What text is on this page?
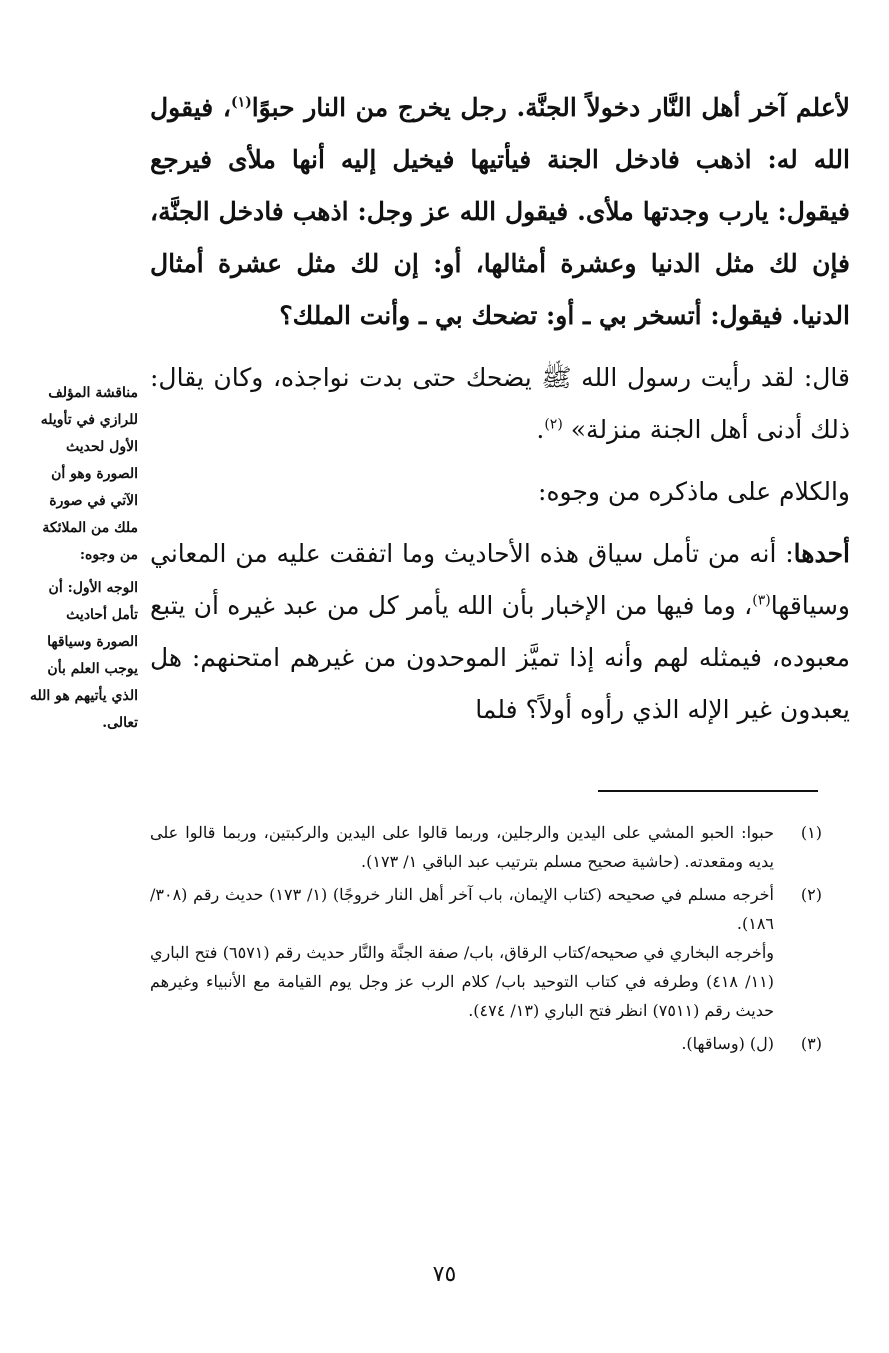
لأعلم آخر أهل النَّار دخولاً الجنَّة. رجل يخرج من النار حبوًا$^{(١)}$، فيقول الله له: اذهب فادخل الجنة فيأتيها فيخيل إليه أنها ملأى فيرجع فيقول: يارب وجدتها ملأى. فيقول الله عز وجل: اذهب فادخل الجنَّة، فإن لك مثل الدنيا وعشرة أمثالها، أو: إن لك مثل عشرة أمثال الدنيا. فيقول: أتسخر بي ـ أو: تضحك بي ـ وأنت الملك؟

قال: لقد رأيت رسول الله ﷺ يضحك حتى بدت نواجذه، وكان يقال: ذلك أدنى أهل الجنة منزلة» $^{(٢)}$.

والكلام على ماذكره من وجوه:

أحدها: أنه من تأمل سياق هذه الأحاديث وما اتفقت عليه من المعاني وسياقها$^{(٣)}$، وما فيها من الإخبار بأن الله يأمر كل من عبد غيره أن يتبع معبوده، فيمثله لهم وأنه إذا تميَّز الموحدون من غيرهم امتحنهم: هل يعبدون غير الإله الذي رأوه أولاً؟ فلما

مناقشة المؤلف للرازي في تأويله الأول لحديث الصورة وهو أن الآتي في صورة ملك من الملائكة من وجوه:

الوجه الأول: أن تأمل أحاديث الصورة وسياقها يوجب العلم بأن الذي يأتيهم هو الله تعالى.

(١)

حبوا: الحبو المشي على اليدين والرجلين، وربما قالوا على اليدين والركبتين، وربما قالوا على يديه ومقعدته. (حاشية صحيح مسلم بترتيب عبد الباقي ١/ ١٧٣).

(٢)

أخرجه مسلم في صحيحه (كتاب الإيمان، باب آخر أهل النار خروجًا) (١/ ١٧٣) حديث رقم (٣٠٨/ ١٨٦).

وأخرجه البخاري في صحيحه/كتاب الرقاق، باب/ صفة الجنَّة والنَّار حديث رقم (٦٥٧١) فتح الباري (١١/ ٤١٨) وطرفه في كتاب التوحيد باب/ كلام الرب عز وجل يوم القيامة مع الأنبياء وغيرهم حديث رقم (٧٥١١) انظر فتح الباري (١٣/ ٤٧٤).

(٣)

(ل) (وساقها).

٧٥
